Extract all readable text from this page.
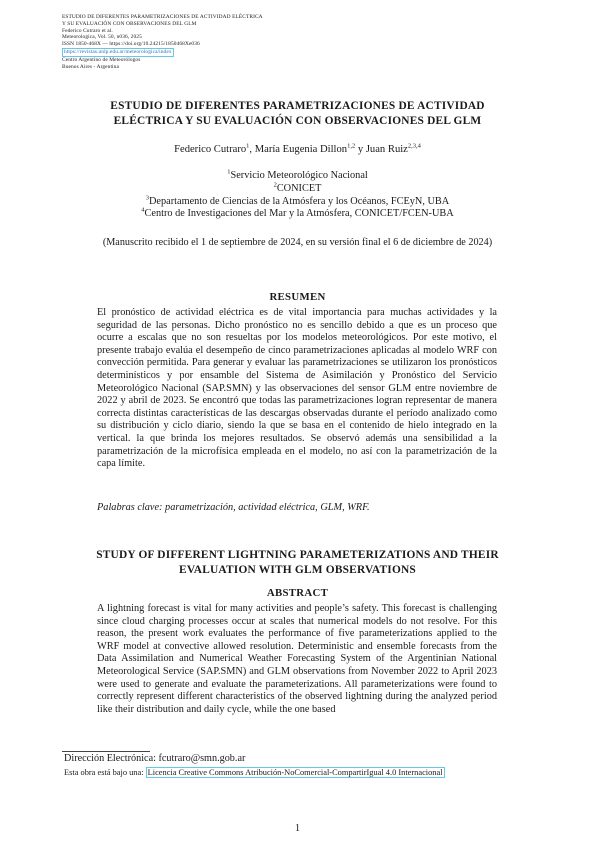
ESTUDIO DE DIFERENTES PARAMETRIZACIONES DE ACTIVIDAD ELÉCTRICA
Y SU EVALUACIÓN CON OBSERVACIONES DEL GLM
Federico Cutraro et al.
Meteorologica, Vol. 50, n036, 2025
ISSN 1850-468X — https://doi.org/10.24215/1850468Xe036
https://revistas.unlp.edu.ar/meteorologica/index
Centro Argentino de Meteorólogos
Buenos Aires - Argentina
ESTUDIO DE DIFERENTES PARAMETRIZACIONES DE ACTIVIDAD
ELÉCTRICA Y SU EVALUACIÓN CON OBSERVACIONES DEL GLM
Federico Cutraro$^1$, María Eugenia Dillon$^{1,2}$ y Juan Ruiz$^{2,3,4}$
$^1$Servicio Meteorológico Nacional
$^2$CONICET
$^3$Departamento de Ciencias de la Atmósfera y los Océanos, FCEyN, UBA
$^4$Centro de Investigaciones del Mar y la Atmósfera, CONICET/FCEN-UBA
(Manuscrito recibido el 1 de septiembre de 2024, en su versión final el 6 de diciembre de 2024)
RESUMEN
El pronóstico de actividad eléctrica es de vital importancia para muchas actividades y la seguridad de las personas. Dicho pronóstico no es sencillo debido a que es un proceso que ocurre a escalas que no son resueltas por los modelos meteorológicos. Por este motivo, el presente trabajo evalúa el desempeño de cinco parametrizaciones aplicadas al modelo WRF con convección permitida. Para generar y evaluar las parametrizaciones se utilizaron los pronósticos determinísticos y por ensamble del Sistema de Asimilación y Pronóstico del Servicio Meteorológico Nacional (SAP.SMN) y las observaciones del sensor GLM entre noviembre de 2022 y abril de 2023. Se encontró que todas las parametrizaciones logran representar de manera correcta distintas características de las descargas observadas durante el período analizado como su distribución y ciclo diario, siendo la que se basa en el contenido de hielo integrado en la vertical. la que brinda los mejores resultados. Se observó además una sensibilidad a la parametrización de la microfísica empleada en el modelo, no así con la parametrización de la capa límite.
Palabras clave: parametrización, actividad eléctrica, GLM, WRF.
STUDY OF DIFFERENT LIGHTNING PARAMETERIZATIONS AND THEIR
EVALUATION WITH GLM OBSERVATIONS
ABSTRACT
A lightning forecast is vital for many activities and people’s safety. This forecast is challenging since cloud charging processes occur at scales that numerical models do not resolve. For this reason, the present work evaluates the performance of five parameterizations applied to the WRF model at convective allowed resolution. Deterministic and ensemble forecasts from the Data Assimilation and Numerical Weather Forecasting System of the Argentinian National Meteorological Service (SAP.SMN) and GLM observations from November 2022 to April 2023 were used to generate and evaluate the parameterizations. All parameterizations were found to correctly represent different characteristics of the observed lightning during the analyzed period like their distribution and daily cycle, while the one based
Dirección Electrónica: fcutraro@smn.gob.ar
Esta obra está bajo una: Licencia Creative Commons Atribución-NoComercial-CompartirIgual 4.0 Internacional
1
